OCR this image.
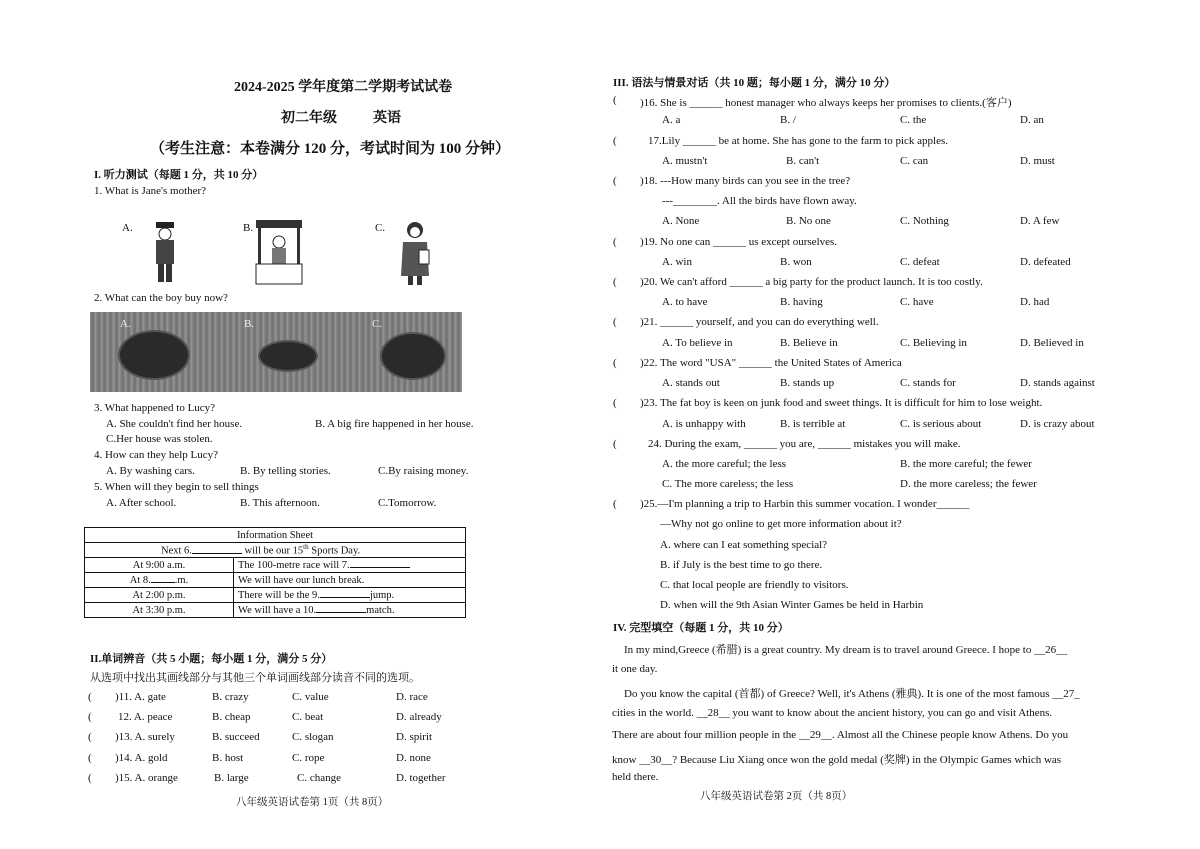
2024-2025 学年度第二学期考试试卷
初二年级	英语
（考生注意：本卷满分 120 分，考试时间为 100 分钟）
I. 听力测试（每题 1 分，共 10 分）
1. What is Jane's mother?
A.	B.	C.
2. What can the boy buy now?
A.	B.	C.
3. What happened to Lucy?
A. She couldn't find her house.	B. A big fire happened in her house.
C.Her house was stolen.
4. How can they help Lucy?
A. By washing cars.	B. By telling stories.	C.By raising money.
5. When will they begin to sell things
A. After school.	B. This afternoon.	C.Tomorrow.
Information Sheet	
Next 6. will be our 15th Sports Day.	
At 9:00 a.m.	The 100-metre race will 7.
At 8. .m.	We will have our lunch break.
At 2:00 p.m.	There will be the 9. jump.
At 3:30 p.m.	We will have a 10. match.
II.单词辨音（共 5 小题；每小题 1 分，满分 5 分）
从选项中找出其画线部分与其他三个单词画线部分读音不同的选项。
( )11. A. gate	B. crazy	C. value	D. race
( 12. A. peace	B. cheap	C. beat	D. already
( )13. A. surely	B. succeed	C. slogan	D. spirit
( )14. A. gold	B. host	C. rope	D. none
( )15. A. orange	B. large	C. change	D. together
八年级英语试卷第 1页（共 8页）
III. 语法与情景对话（共 10 题；每小题 1 分，满分 10 分）
( )16. She is ______ honest manager who always keeps her promises to clients.(客户)
A. a	B. /	C. the	D. an
(	17.Lily ______ be at home. She has gone to the farm to pick apples.
A. mustn't	B. can't	C. can	D. must
( )18. ---How many birds can you see in the tree?
---________. All the birds have flown away.
A. None	B. No one	C. Nothing	D. A few
( )19. No one can ______ us except ourselves.
A. win	B. won	C. defeat	D. defeated
( )20. We can't afford ______ a big party for the product launch. It is too costly.
A. to have	B. having	C. have	D. had
( )21. ______ yourself, and you can do everything well.
A. To believe in	B. Believe in	C. Believing in	D. Believed in
( )22. The word "USA" ______ the United States of America
A. stands out	B. stands up	C. stands for	D. stands against
( )23. The fat boy is keen on junk food and sweet things. It is difficult for him to lose weight.
A. is unhappy with	B. is terrible at	C. is serious about	D. is crazy about
(	24. During the exam, ______ you are, ______ mistakes you will make.
A. the more careful; the less	B. the more careful; the fewer
C. The more careless; the less	D. the more careless; the fewer
( )25.—I'm planning a trip to Harbin this summer vocation. I wonder______
—Why not go online to get more information about it?
A. where can I eat something special?
B. if July is the best time to go there.
C. that local people are friendly to visitors.
D. when will the 9th Asian Winter Games be held in Harbin
IV. 完型填空（每题 1 分，共 10 分）
In my mind,Greece (希腊) is a great country. My dream is to travel around Greece. I hope to __26__
it one day.
Do you know the capital (首都) of Greece? Well, it's Athens (雅典). It is one of the most famous __27_
cities in the world. __28__ you want to know about the ancient history, you can go and visit Athens.
There are about four million people in the __29__. Almost all the Chinese people know Athens. Do you
know __30__? Because Liu Xiang once won the gold medal (奖牌) in the Olympic Games which was
held there.
八年级英语试卷第 2页（共 8页）
